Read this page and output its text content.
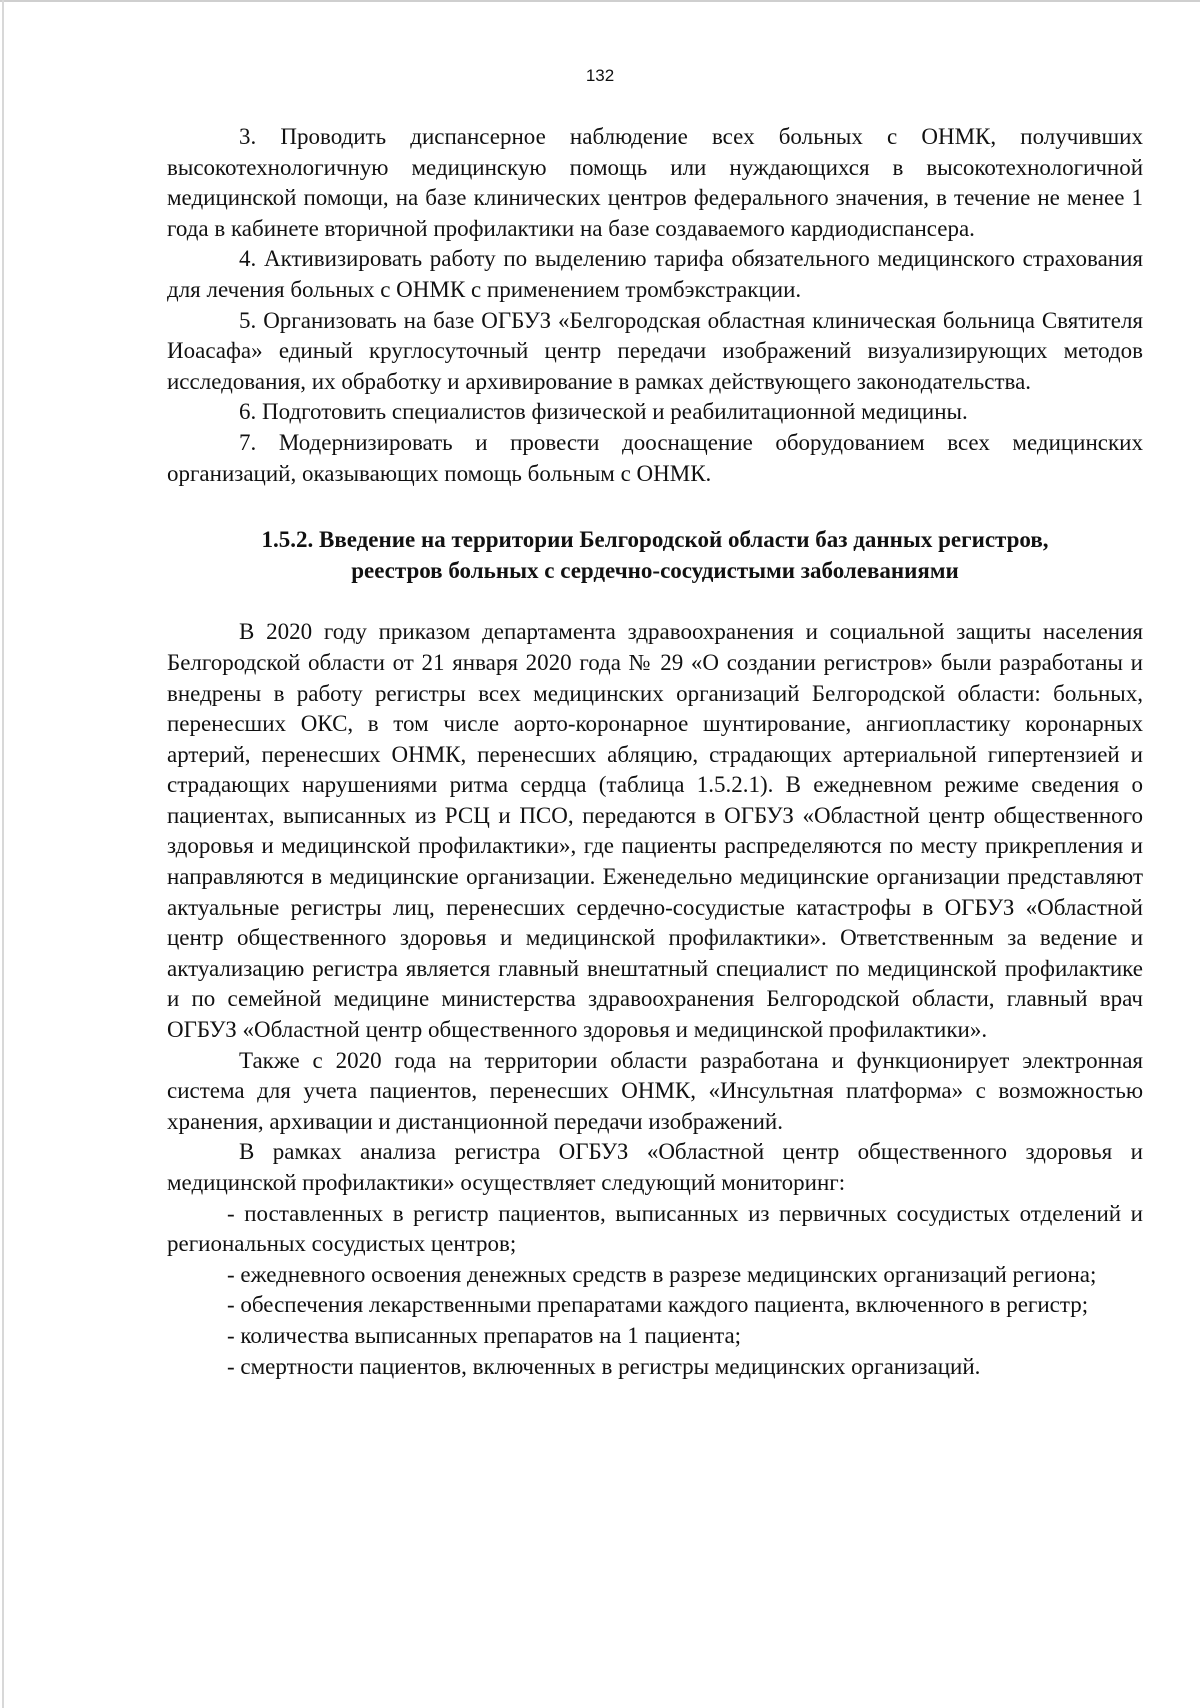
132

3. Проводить диспансерное наблюдение всех больных с ОНМК, получивших высокотехнологичную медицинскую помощь или нуждающихся в высокотехнологичной медицинской помощи, на базе клинических центров федерального значения, в течение не менее 1 года в кабинете вторичной профилактики на базе создаваемого кардиодиспансера.

4. Активизировать работу по выделению тарифа обязательного медицинского страхования для лечения больных с ОНМК с применением тромбэкстракции.

5. Организовать на базе ОГБУЗ «Белгородская областная клиническая больница Святителя Иоасафа» единый круглосуточный центр передачи изображений визуализирующих методов исследования, их обработку и архивирование в рамках действующего законодательства.

6. Подготовить специалистов физической и реабилитационной медицины.

7. Модернизировать и провести дооснащение оборудованием всех медицинских организаций, оказывающих помощь больным с ОНМК.

1.5.2. Введение на территории Белгородской области баз данных регистров,
реестров больных с сердечно-сосудистыми заболеваниями

В 2020 году приказом департамента здравоохранения и социальной защиты населения Белгородской области от 21 января 2020 года № 29 «О создании регистров» были разработаны и внедрены в работу регистры всех медицинских организаций Белгородской области: больных, перенесших ОКС, в том числе аорто-коронарное шунтирование, ангиопластику коронарных артерий, перенесших ОНМК, перенесших абляцию, страдающих артериальной гипертензией и страдающих нарушениями ритма сердца (таблица 1.5.2.1). В ежедневном режиме сведения о пациентах, выписанных из РСЦ и ПСО, передаются в ОГБУЗ «Областной центр общественного здоровья и медицинской профилактики», где пациенты распределяются по месту прикрепления и направляются в медицинские организации. Еженедельно медицинские организации представляют актуальные регистры лиц, перенесших сердечно-сосудистые катастрофы в ОГБУЗ «Областной центр общественного здоровья и медицинской профилактики». Ответственным за ведение и актуализацию регистра является главный внештатный специалист по медицинской профилактике и по семейной медицине министерства здравоохранения Белгородской области, главный врач ОГБУЗ «Областной центр общественного здоровья и медицинской профилактики».

Также с 2020 года на территории области разработана и функционирует электронная система для учета пациентов, перенесших ОНМК, «Инсультная платформа» с возможностью хранения, архивации и дистанционной передачи изображений.

В рамках анализа регистра ОГБУЗ «Областной центр общественного здоровья и медицинской профилактики» осуществляет следующий мониторинг:

- поставленных в регистр пациентов, выписанных из первичных сосудистых отделений и региональных сосудистых центров;

- ежедневного освоения денежных средств в разрезе медицинских организаций региона;

- обеспечения лекарственными препаратами каждого пациента, включенного в регистр;

- количества выписанных препаратов на 1 пациента;

- смертности пациентов, включенных в регистры медицинских организаций.
